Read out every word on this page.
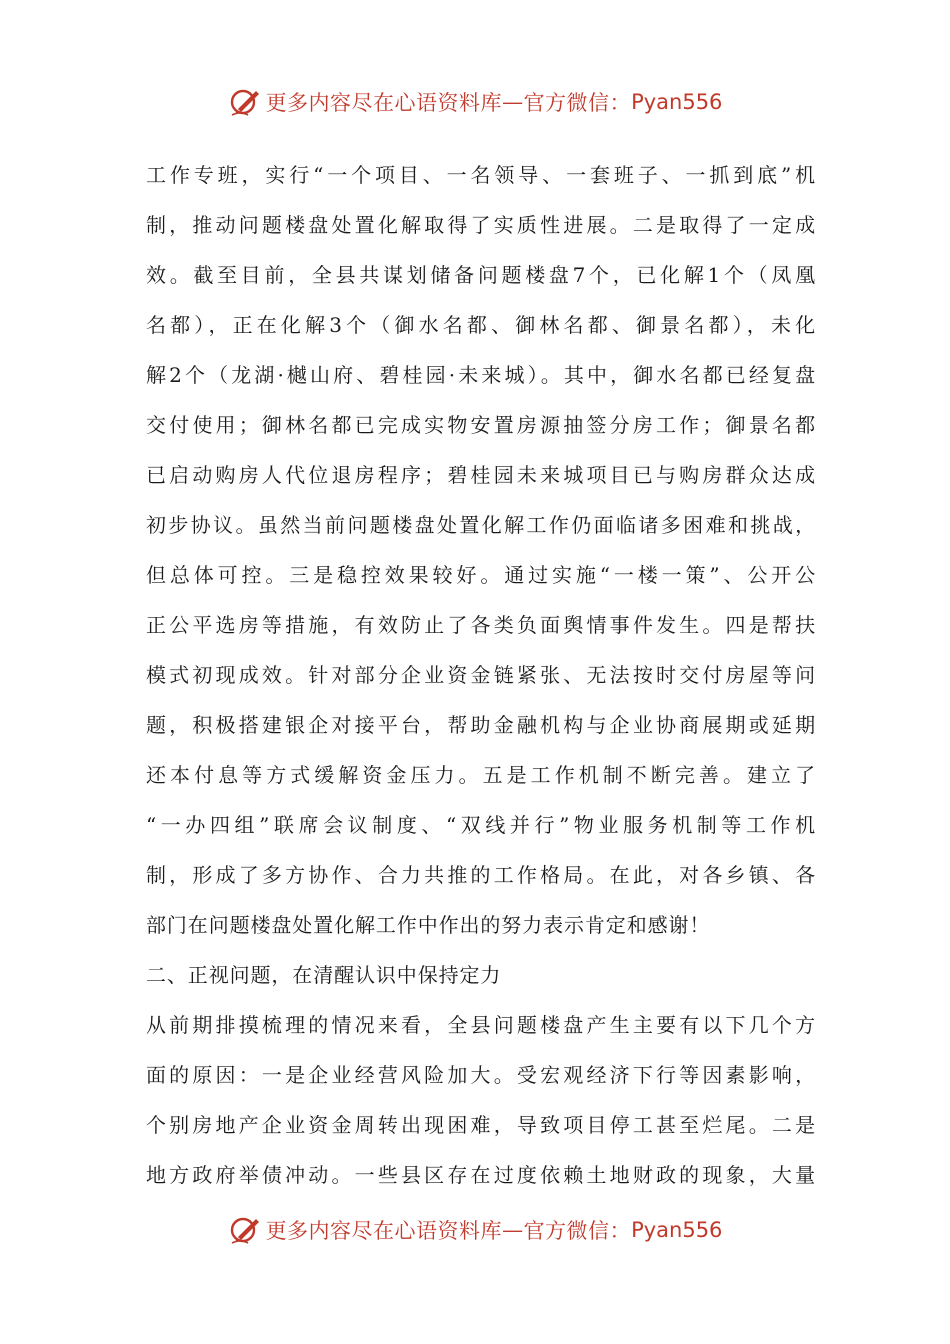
更多内容尽在心语资料库 — 官方微信： Pyan556
工作专班，实行“一个项目、一名领导、一套班子、一抓到底”机
制，推动问题楼盘处置化解取得了实质性进展。二是取得了一定成
效。截至目前，全县共谋划储备问题楼盘7个，已化解1个（凤凰
名都），正在化解3个（御水名都、御林名都、御景名都），未化
解2个（龙湖·樾山府、碧桂园·未来城）。其中，御水名都已经复盘
交付使用；御林名都已完成实物安置房源抽签分房工作；御景名都
已启动购房人代位退房程序；碧桂园未来城项目已与购房群众达成
初步协议。虽然当前问题楼盘处置化解工作仍面临诸多困难和挑战，
但总体可控。三是稳控效果较好。通过实施“一楼一策”、公开公
正公平选房等措施，有效防止了各类负面舆情事件发生。四是帮扶
模式初现成效。针对部分企业资金链紧张、无法按时交付房屋等问
题，积极搭建银企对接平台，帮助金融机构与企业协商展期或延期
还本付息等方式缓解资金压力。五是工作机制不断完善。建立了
“一办四组”联席会议制度、“双线并行”物业服务机制等工作机
制，形成了多方协作、合力共推的工作格局。在此，对各乡镇、各
部门在问题楼盘处置化解工作中作出的努力表示肯定和感谢！
二、正视问题，在清醒认识中保持定力
从前期排摸梳理的情况来看，全县问题楼盘产生主要有以下几个方
面的原因：一是企业经营风险加大。受宏观经济下行等因素影响，
个别房地产企业资金周转出现困难，导致项目停工甚至烂尾。二是
地方政府举债冲动。一些县区存在过度依赖土地财政的现象，大量
更多内容尽在心语资料库 — 官方微信： Pyan556
